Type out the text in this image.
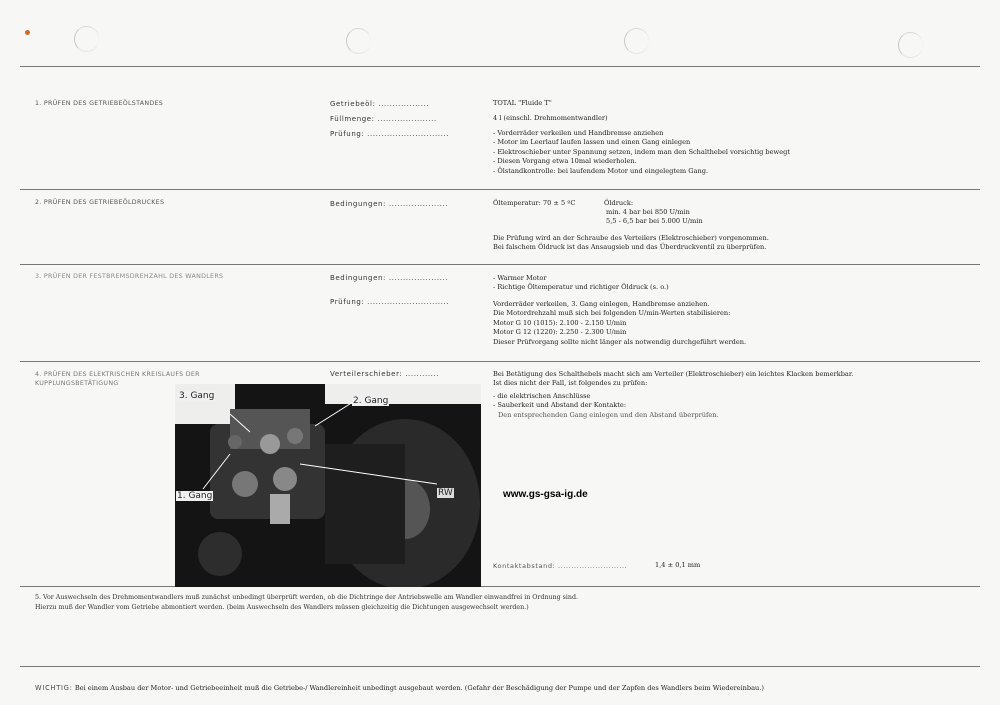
1. PRÜFEN DES GETRIEBEÖLSTANDES	Getriebeöl: ..................	TOTAL "Fluide T"
Füllmenge: .....................	4 l (einschl. Drehmomentwandler)
Prüfung: .............................	- Vorderräder verkeilen und Handbremse anziehen
- Motor im Leerlauf laufen lassen und einen Gang einlegen
- Elektroschieber unter Spannung setzen, indem man den Schalthebel vorsichtig bewegt
- Diesen Vorgang etwa 10mal wiederholen.
- Ölstandkontrolle: bei laufendem Motor und eingelegtem Gang.
2. PRÜFEN DES GETRIEBEÖLDRUCKES	Bedingungen: .....................	Öltemperatur: 70 ± 5 ºC	Öldruck:
min. 4 bar bei 850 U/min
5,5 - 6,5 bar bei 5.000 U/min
Die Prüfung wird an der Schraube des Verteilers (Elektroschieber) vorgenommen.
Bei falschem Öldruck ist das Ansaugsieb und das Überdruckventil zu überprüfen.
3. PRÜFEN DER FESTBREMSDREHZAHL DES WANDLERS	Bedingungen: .....................	- Warmer Motor
- Richtige Öltemperatur und richtiger Öldruck (s. o.)
Prüfung: .............................	Vorderräder verkeilen, 3. Gang einlegen, Handbremse anziehen.
Die Motordrehzahl muß sich bei folgenden U/min-Werten stabilisieren:
Motor G 10 (1015): 2.100 - 2.150 U/min
Motor G 12 (1220): 2.250 - 2.300 U/min
Dieser Prüfvorgang sollte nicht länger als notwendig durchgeführt werden.
4. PRÜFEN DES ELEKTRISCHEN KREISLAUFS DER
KUPPLUNGSBETÄTIGUNG
Verteilerschieber: ............	Bei Betätigung des Schalthebels macht sich am Verteiler (Elektroschieber) ein leichtes Klacken bemerkbar.
Ist dies nicht der Fall, ist folgendes zu prüfen:
- die elektrischen Anschlüsse
- Sauberkeit und Abstand der Kontakte:
Den entsprechenden Gang einlegen und den Abstand überprüfen.
3. Gang	2. Gang
1. Gang	RW	www.gs-gsa-ig.de
Kontaktabstand: ..........................	1,4 ± 0,1 mm
5. Vor Auswechseln des Drehmomentwandlers muß zunächst unbedingt überprüft werden, ob die Dichtringe der Antriebswelle am Wandler einwandfrei in Ordnung sind.
Hierzu muß der Wandler vom Getriebe abmontiert werden. (beim Auswechseln des Wandlers müssen gleichzeitig die Dichtungen ausgewechselt werden.)
WICHTIG: Bei einem Ausbau der Motor- und Getriebeeinheit muß die Getriebe-/ Wandlereinheit unbedingt ausgebaut werden. (Gefahr der Beschädigung der Pumpe und der Zapfen des Wandlers beim Wiedereinbau.)
